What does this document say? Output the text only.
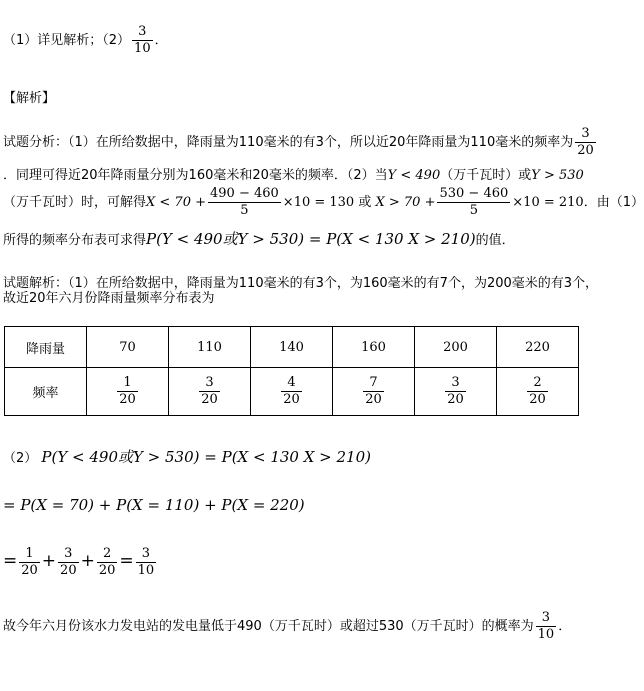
（1）详见解析；$(2) \frac{3}{10}$ ．
【解析】
试题分析：（1）在所给数据中，降雨量为110毫米的有3个，所以近20年降雨量为110毫米的频率为 $\frac{3}{20}$
．同理可得近20年降雨量分别为160毫米和20毫米的频率．（2）当Y < 490（万千瓦时）或Y > 530
（万千瓦时）时，可解得$X < 70 + \frac{490 - 460}{5} \times 10 = 130$ 或 $X > 70 + \frac{530 - 460}{5} \times 10 = 210$．由（1）
所得的频率分布表可求得P(Y < 490或Y > 530) = P(X < 130 X > 210)的值．
试题解析：（1）在所给数据中，降雨量为110毫米的有3个，为160毫米的有7个，为200毫米的有3个，
故近20年六月份降雨量频率分布表为
降雨量	70	110	140	160	200	220
频率	$\frac{1}{20}$	$\frac{3}{20}$	$\frac{4}{20}$	$\frac{7}{20}$	$\frac{3}{20}$	$\frac{2}{20}$
（2） P(Y < 490或Y > 530) = P(X < 130 X > 210)
= P(X = 70) + P(X = 110) + P(X = 220)
= $\frac{1}{20} + \frac{3}{20} + \frac{2}{20} = \frac{3}{10}$
故今年六月份该水力发电站的发电量低于490（万千瓦时）或超过530（万千瓦时）的概率为 $\frac{3}{10}$ ．
